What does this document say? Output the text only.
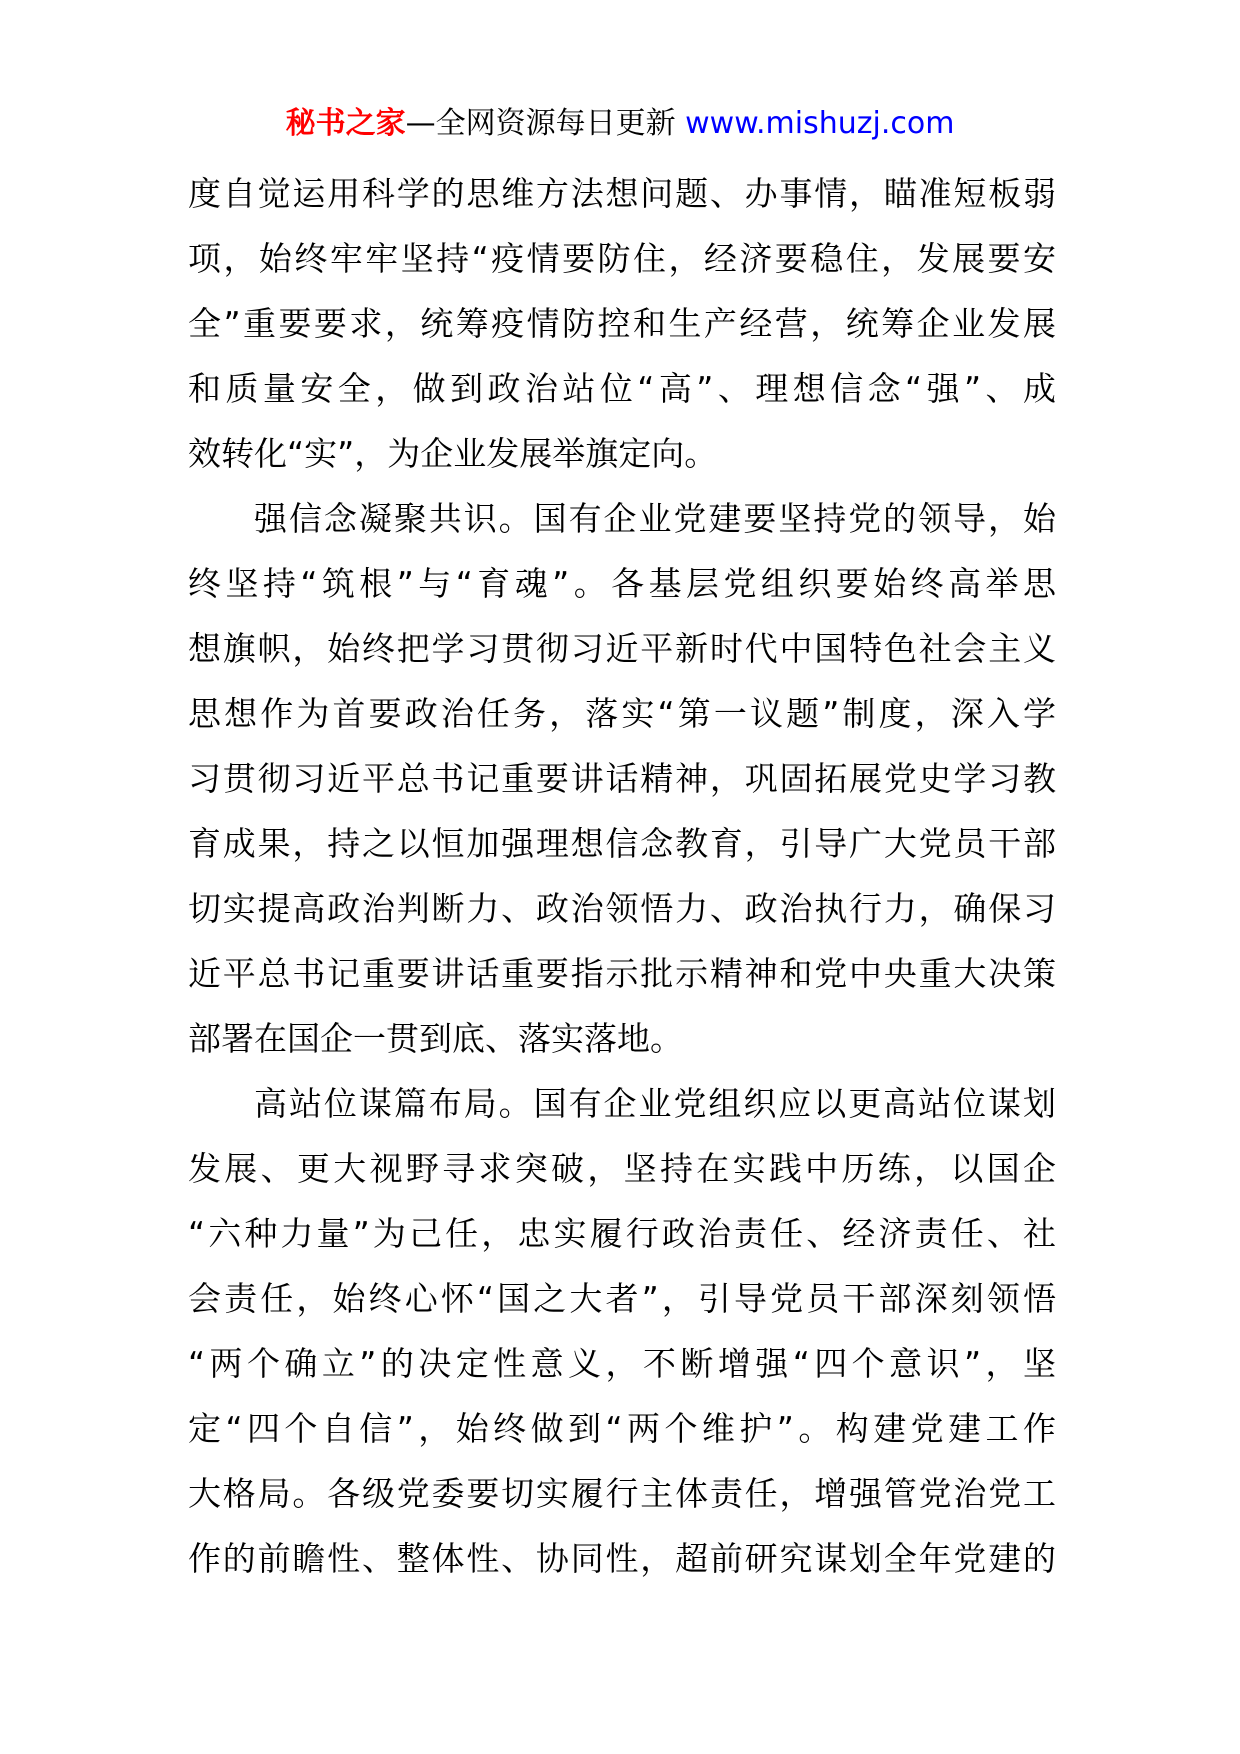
秘书之家—全网资源每日更新 www.mishuzj.com
度自觉运用科学的思维方法想问题、办事情，瞄准短板弱
项，始终牢牢坚持“疫情要防住，经济要稳住，发展要安
全”重要要求，统筹疫情防控和生产经营，统筹企业发展
和质量安全，做到政治站位“高”、理想信念“强”、成
效转化“实”，为企业发展举旗定向。
强信念凝聚共识。国有企业党建要坚持党的领导，始
终坚持“筑根”与“育魂”。各基层党组织要始终高举思
想旗帜，始终把学习贯彻习近平新时代中国特色社会主义
思想作为首要政治任务，落实“第一议题”制度，深入学
习贯彻习近平总书记重要讲话精神，巩固拓展党史学习教
育成果，持之以恒加强理想信念教育，引导广大党员干部
切实提高政治判断力、政治领悟力、政治执行力，确保习
近平总书记重要讲话重要指示批示精神和党中央重大决策
部署在国企一贯到底、落实落地。
高站位谋篇布局。国有企业党组织应以更高站位谋划
发展、更大视野寻求突破，坚持在实践中历练，以国企
“六种力量”为己任，忠实履行政治责任、经济责任、社
会责任，始终心怀“国之大者”，引导党员干部深刻领悟
“两个确立”的决定性意义，不断增强“四个意识”，坚
定“四个自信”，始终做到“两个维护”。构建党建工作
大格局。各级党委要切实履行主体责任，增强管党治党工
作的前瞻性、整体性、协同性，超前研究谋划全年党建的
